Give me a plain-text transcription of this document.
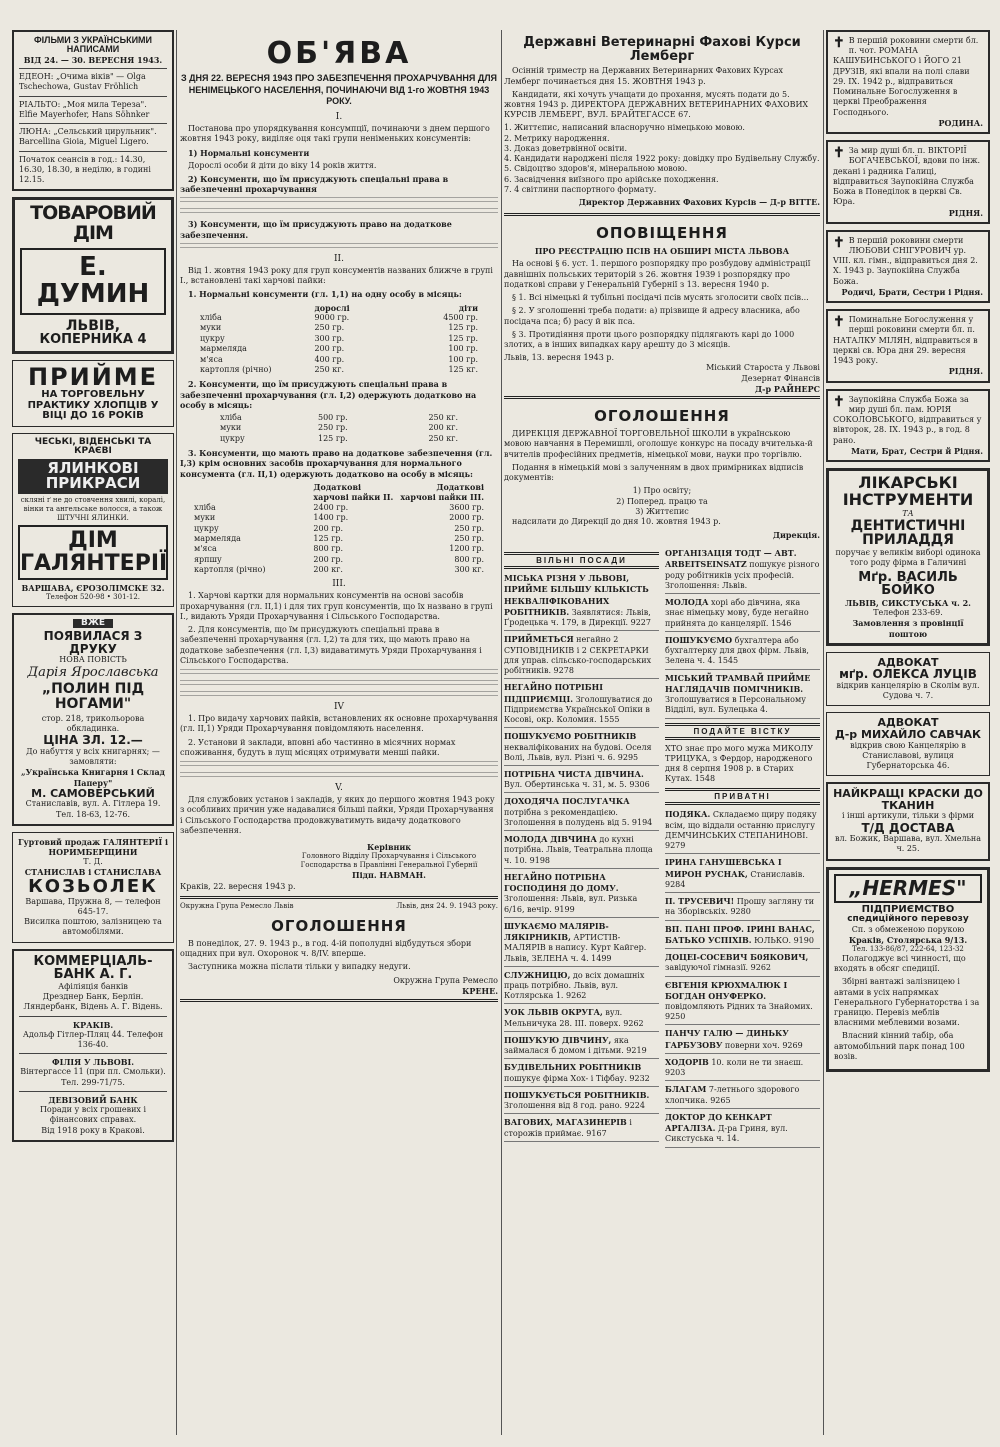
ФІЛЬМИ З УКРАЇНСЬКИМИ НАПИСАМИ
ВІД 24. — 30. ВЕРЕСНЯ 1943.
ЕДЕОН: „Очима віків" — Olga Tschechowa, Gustav Fröhlich
РІАЛЬТО: „Моя мила Тереза". Elfie Mayerhofer, Hans Söhnker
ЛЮНА: „Сельський цирульник". Barcellina Gioia, Miguel Ligero.
Початок сеансів в год.: 14.30, 16.30, 18.30, в неділю, в годині 12.15.
ТОВАРОВИЙ ДІМ
Е. ДУМИН
ЛЬВІВ,
КОПЕРНИКА 4
ПРИЙМЕ
НА ТОРГОВЕЛЬНУ ПРАКТИКУ ХЛОПЦІВ У ВІЦІ ДО 16 РОКІВ
ЧЕСЬКІ, ВІДЕНСЬКІ ТА КРАЄВІ
ЯЛИНКОВІ ПРИКРАСИ
скляні ґ не до стовчення хвилі, коралі, вінки та ангельське волосся, а також ШТУЧНІ ЯЛИНКИ.
ДІМ ГАЛЯНТЕРІЇ
ВАРШАВА, ЄРОЗОЛІМСКЕ 32.
Телефон 520-98 • 301-12.
ВЖЕ
ПОЯВИЛАСЯ З ДРУКУ
НОВА ПОВІСТЬ
Дарія Ярославська
„ПОЛИН ПІД НОГАМИ"
стор. 218, трикольорова обкладинка.
ЦІНА ЗЛ. 12.—
До набуття у всіх книгарнях; — замовляти:
„Українська Книгарня і Склад Паперу"
М. САМОВЕРСЬКИЙ
Станиславів, вул. А. Гітлера 19.
Тел. 18-63, 12-76.
Гуртовий продаж ГАЛЯНТЕРІЇ і НОРИМБЕРЩИНИ
Т. Д.
СТАНИСЛАВ і СТАНИСЛАВА
КОЗЬОЛЕК
Варшава, Пружна 8, — телефон 645-17.
Висилка поштою, залізницею та автомобілями.
КОММЕРЦІАЛЬ-БАНК А. Г.
Афіліяція банків
Дрезднер Банк, Берлін. Ляндербанк, Відень А. Г. Відень.
КРАКІВ.
Адольф Гітлер-Пляц 44. Телефон 136-40.
ФІЛІЯ У ЛЬВОВІ.
Вінтергассе 11 (при пл. Смольки). Тел. 299-71/75.
ДЕВІЗОВИЙ БАНК
Поради у всіх грошевих і фінансових справах.
Від 1918 року в Кракові.
ОБ'ЯВА
З ДНЯ 22. ВЕРЕСНЯ 1943 ПРО ЗАБЕЗПЕЧЕННЯ ПРОХАРЧУВАННЯ ДЛЯ НЕНІМЕЦЬКОГО НАСЕЛЕННЯ, ПОЧИНАЮЧИ ВІД 1-го ЖОВТНЯ 1943 РОКУ.
I.

Постанова про упорядкування консумпції, починаючи з днем першого жовтня 1943 року, виділяє оця такі групи неніменьких консументів:

1) Нормальні консументи

Дорослі особи й діти до віку 14 років життя.

2) Консументи, що їм присуджують спеціальні права в забезпеченні прохарчування

3) Консументи, що їм присуджують право на додаткове забезпечення.

II.

Від 1. жовтня 1943 року для груп консументів названих ближче в групі І., встановлені такі харчові пайки:

1. Нормальні консументи (гл. 1,1) на одну особу в місяць:

дорослі	діти
хліба	9000 гр.	4500 гр.
муки	250 гр.	125 гр.
цукру	300 гр.	125 гр.
мармеляда	200 гр.	100 гр.
м'яса	400 гр.	100 гр.
картопля (річно)	250 кг.	125 кг.

2. Консументи, що їм присуджують спеціальні права в забезпеченні прохарчування (гл. I,2) одержують додатково на особу в місяць:

хліба	500 гр.	250 кг.
муки	250 гр.	200 кг.
цукру	125 гр.	250 кг.

3. Консументи, що мають право на додаткове забезпечення (гл. I,3) крім основних засобів прохарчування для нормального консумента (гл. II,1) одержують додатково на особу в місяць:

Додаткові харчові пайки II.
Додаткові харчові пайки III.
хліба	2400 гр.	3600 гр.
муки	1400 гр.	2000 гр.
цукру	200 гр.	250 гр.
мармеляда	125 гр.	250 гр.
м'яса	800 гр.	1200 гр.
ярпшу	200 гр.	800 гр.
картопля (річно)	200 кг.	300 кг.
III.

1. Харчові картки для нормальних консументів на основі засобів прохарчування (гл. II,1) і для тих груп консументів, що їх названо в групі I., видають Уряди Прохарчування і Сільського Господарства.

2. Для консументів, що їм присуджують спеціальні права в забезпеченні прохарчування (гл. I,2) та для тих, що мають право на додаткове забезпечення (гл. I,3) видаватимуть Уряди Прохарчування і Сільського Господарства.

IV

1. Про видачу харчових пайків, встановлених як основне прохарчування (гл. II,1) Уряди Прохарчування повідомляють населення.

2. Установи й заклади, вповні або частинно в місячних нормах споживання, будуть в лущ місяцях отримувати менші пайки.

V.

Для службових установ і закладів, у яких до першого жовтня 1943 року з особливих причин уже надавалися більші пайки, Уряди Прохарчування і Сільського Господарства продовжуватимуть видачу додаткового забезпечення.

Керівник
Головного Відділу Прохарчування і Сільського Господарства в Правлінні Генеральної Губернії
Підп. НАВМАН.
Краків, 22. вересня 1943 р.
Окружна Група Ремесло Львів	Львів, дня 24. 9. 1943 року.
ОГОЛОШЕННЯ

В понеділок, 27. 9. 1943 р., в год. 4-ій пополудні відбудуться збори ощадних при вул. Охоронок ч. 8/IV. вперше.

Заступника можна післати тільки у випадку недуги.

Окружна Група Ремесло
КРЕНЕ.
Державні Ветеринарні Фахові Курси Лемберг

Осінній триместр на Державних Ветеринарних Фахових Курсах Лемберг починається дня 15. ЖОВТНЯ 1943 р.

Кандидати, які хочуть учащати до прохання, мусять подати до 5. жовтня 1943 р. ДИРЕКТОРА ДЕРЖАВНИХ ВЕТЕРИНАРНИХ ФАХОВИХ КУРСІВ ЛЕМБЕРГ, ВУЛ. БРАЙТЕГАССЕ 67.

1. Життєпис, написаний власноручно німецькою мовою.
2. Метрику народження.
3. Доказ доветрвінної освіти.
4. Кандидати народжені після 1922 року: довідку про Будівельну Службу.
5. Свідоцтво здоров'я, мінеральною мовою.
6. Засвідчення виїзного про арійське походження.
7. 4 світлини паспортного формату.
Директор Державних Фахових Курсів — Д-р ВІТТЕ.
ОПОВІЩЕННЯ
ПРО РЕЄСТРАЦІЮ ПСІВ НА ОБШИРІ МІСТА ЛЬВОВА

На основі § 6. уст. 1. першого розпорядку про розбудову адміністрації давнішніх польських територій з 26. жовтня 1939 і розпорядку про податкові справи у Генеральній Губернії з 13. вересня 1940 р.

§ 1. Всі німецькі й тубільні посідачі псів мусять зголосити своїх псів...

§ 2. У зголошенні треба подати: а) прізвище й адресу власника, або посідача пса; б) расу й вік пса.

§ 3. Протидіяння проти цього розпорядку підлягають карі до 1000 злотих, а в інших випадках кару арешту до 3 місяців.

Львів, 13. вересня 1943 р.
Міський Староста у Львові
Дезернат Фінансів
Д-р РАЙНЕРС
ОГОЛОШЕННЯ

ДИРЕКЦІЯ ДЕРЖАВНОЇ ТОРГОВЕЛЬНОЇ ШКОЛИ в українською мовою навчання в Перемишлі, оголошує конкурс на посаду вчителька-й вчителів професійних предметів, німецької мови, науки про торгівлю.

Подання в німецькій мові з залученням в двох примірниках відписів документів:

1) Про освіту;
2) Поперед. працю та
3) Життєпис

надсилати до Дирекції до дня 10. жовтня 1943 р.

Дирекція.
ВІЛЬНІ ПОСАДИ
МІСЬКА РІЗНЯ У ЛЬВОВІ, ПРИЙМЕ БІЛЬШУ КІЛЬКІСТЬ НЕКВАЛІФІКОВАНИХ РОБІТНИКІВ. Заявлятися: Львів, Ґродецька ч. 179, в Дирекції. 9227
ПРИЙМЕТЬСЯ негайно 2 СУПОВІДНИКІВ і 2 СЕКРЕТАРКИ для управ. сільсько-господарських робітників. 9278
НЕГАЙНО ПОТРІБНІ ПІДПРИЄМЦІ. Зголошуватися до Підприємства Української Опіки в Косові, окр. Коломия. 1555
ПОШУКУЄМО РОБІТНИКІВ некваліфікованих на будові. Оселя Волі, Львів, вул. Різні ч. 6. 9295
ПОТРІБНА ЧИСТА ДІВЧИНА. Вул. Обертинська ч. 31, м. 5. 9306
ДОХОДЯЧА ПОСЛУГАЧКА потрібна з рекомендацією. Зголошення в полудень від 5. 9194
МОЛОДА ДІВЧИНА до кухні потрібна. Львів, Театральна площа ч. 10. 9198
НЕГАЙНО ПОТРІБНА ГОСПОДИНЯ ДО ДОМУ. Зголошення: Львів, вул. Ризька 6/16, вечір. 9199
ШУКАЄМО МАЛЯРІВ-ЛЯКІРНИКІВ, АРТИСТІВ-МАЛЯРІВ в напису. Курт Кайгер. Львів, ЗЕЛЕНА ч. 4. 1499
СЛУЖНИЦЮ, до всіх домашніх праць потрібно. Львів, вул. Котлярська 1. 9262
УОК ЛЬВІВ ОКРУГА, вул. Мельничука 28. III. поверх. 9262
ПОШУКУЮ ДІВЧИНУ, яка займалася б домом і дітьми. 9219
БУДІВЕЛЬНИХ РОБІТНИКІВ пошукує фірма Хох- і Тіфбау. 9232
ПОШУКУЄТЬСЯ РОБІТНИКІВ. Зголошення від 8 год. рано. 9224
ВАГОВИХ, МАГАЗИНЕРІВ і сторожів приймає. 9167
ОРГАНІЗАЦІЯ ТОДТ — АВТ. ARBEITSEINSATZ пошукує різного роду робітників усіх професій. Зголошення: Львів.
МОЛОДА хорі або дівчина, яка знає німецьку мову, буде негайно прийнята до канцелярії. 1546
ПОШУКУЄМО бухгалтера або бухгалтерку для двох фірм. Львів, Зелена ч. 4. 1545
МІСЬКИЙ ТРАМВАЙ ПРИЙМЕ НАГЛЯДАЧІВ ПОМІЧНИКІВ. Зголошуватися в Персональному Відділі, вул. Булецька 4.
ПОДАЙТЕ ВІСТКУ
ХТО знає про мого мужа МИКОЛУ ТРИЦУКА, з Фердор, народженого дня 8 серпня 1908 р. в Старих Кутах. 1548
ПРИВАТНІ
ПОДЯКА. Складаємо щиру подяку всім, що віддали останню прислугу ДЕМЧИНСЬКИХ СТЕПАНИНОВІ. 9279
ІРИНА ГАНУШЕВСЬКА І МИРОН РУСНАК, Станиславів. 9284
П. ТРУСЕВИЧ! Прошу загляну ти на Зборівськіх. 9280
ВП. ПАНІ ПРОФ. ІРИНІ ВАНАС, БАТЬКО УСПІХІВ. ЮЛЬКО. 9190
ДОЦЕІ-СОСЕВИЧ Б0ЯКОВИЧ, завідуючої гімназії. 9262
ЄВГЕНІЯ КРЮХМАЛЮК І БОГДАН ОНУФЕРКО. повідомляють Рідних та Знайомих. 9250
ПАНЧУ ГАЛЮ — ДИНЬКУ ГАРБУЗОВУ поверни хоч. 9269
ХОДОРІВ 10. коли не ти знаєш. 9203
БЛАГАМ 7-летнього здорового хлопчика. 9265
ДОКТОР ДО КЕНКАРТ АРГАЛІЗА. Д-ра Гриня, вул. Сикстуська ч. 14.
✝ В першій роковини смерти бл. п. чот. РОМАНА КАШУБИНСЬКОГО і ЙОГО 21 ДРУЗІВ, які впали на полі слави 29. IX. 1942 р., відправиться Поминальне Богослуження в церкві Преображення Господнього.
РОДИНА.
✝ За мир душі бл. п. ВІКТОРІЇ БОГАЧЕВСЬКОЇ, вдови по інж. декані і радника Галиці, відправиться Заупокійна Служба Божа в Понеділок в церкві Св. Юра.
РІДНЯ.
✝ В першій роковини смерти ЛЮБОВИ СНІГУРОВИЧ ур. VIII. кл. гімн., відправиться дня 2. X. 1943 р. Заупокійна Служба Божа.
Родичі, Брати, Сестри і Рідня.
✝ Поминальне Богослуження у перші роковини смерти бл. п. НАТАЛКУ МІЛЯН, відправиться в церкві св. Юра дня 29. вересня 1943 року.
РІДНЯ.
✝ Заупокійна Служба Божа за мир душі бл. пам. ЮРІЯ СОКОЛОВСЬКОГО, відправиться у вівторок, 28. IX. 1943 р., в год. 8 рано.
Мати, Брат, Сестри й Рідня.
ЛІКАРСЬКІ ІНСТРУМЕНТИ
ТА
ДЕНТИСТИЧНІ ПРИЛАДДЯ
поручає у великім виборі одинока того роду фірма в Галичині
Мґр. ВАСИЛЬ БОЙКО
ЛЬВІВ, СИКСТУСЬКА ч. 2.
Телефон 233-69.
Замовлення з провінції поштою
АДВОКАТ
мґр. ОЛЕКСА ЛУЦІВ
відкрив канцелярію в Сколім вул. Судова ч. 7.
АДВОКАТ
Д-р МИХАЙЛО САВЧАК
відкрив свою Канцелярію в Станиславові, вулиця Губернаторська 46.
НАЙКРАЩІ КРАСКИ ДО ТКАНИН
і інші артикули, тільки з фірми
Т/Д ДОСТАВА
вл. Божик, Варшава, вул. Хмельна ч. 25.
„HERMES"
ПІДПРИЄМСТВО
спедиційного перевозу
Сп. з обмеженою порукою
Краків, Столярська 9/13.
Тел. 133-86/87, 222-64, 123-32

Полагоджує всі чинності, що входять в обсяг спедиції.

Збірні вантажі залізницею і автами в усіх напрямках Генерального Губернаторства і за границю. Перевіз меблів власними меблевими возами.

Власний кінний табір, оба автомобільний парк понад 100 возів.
